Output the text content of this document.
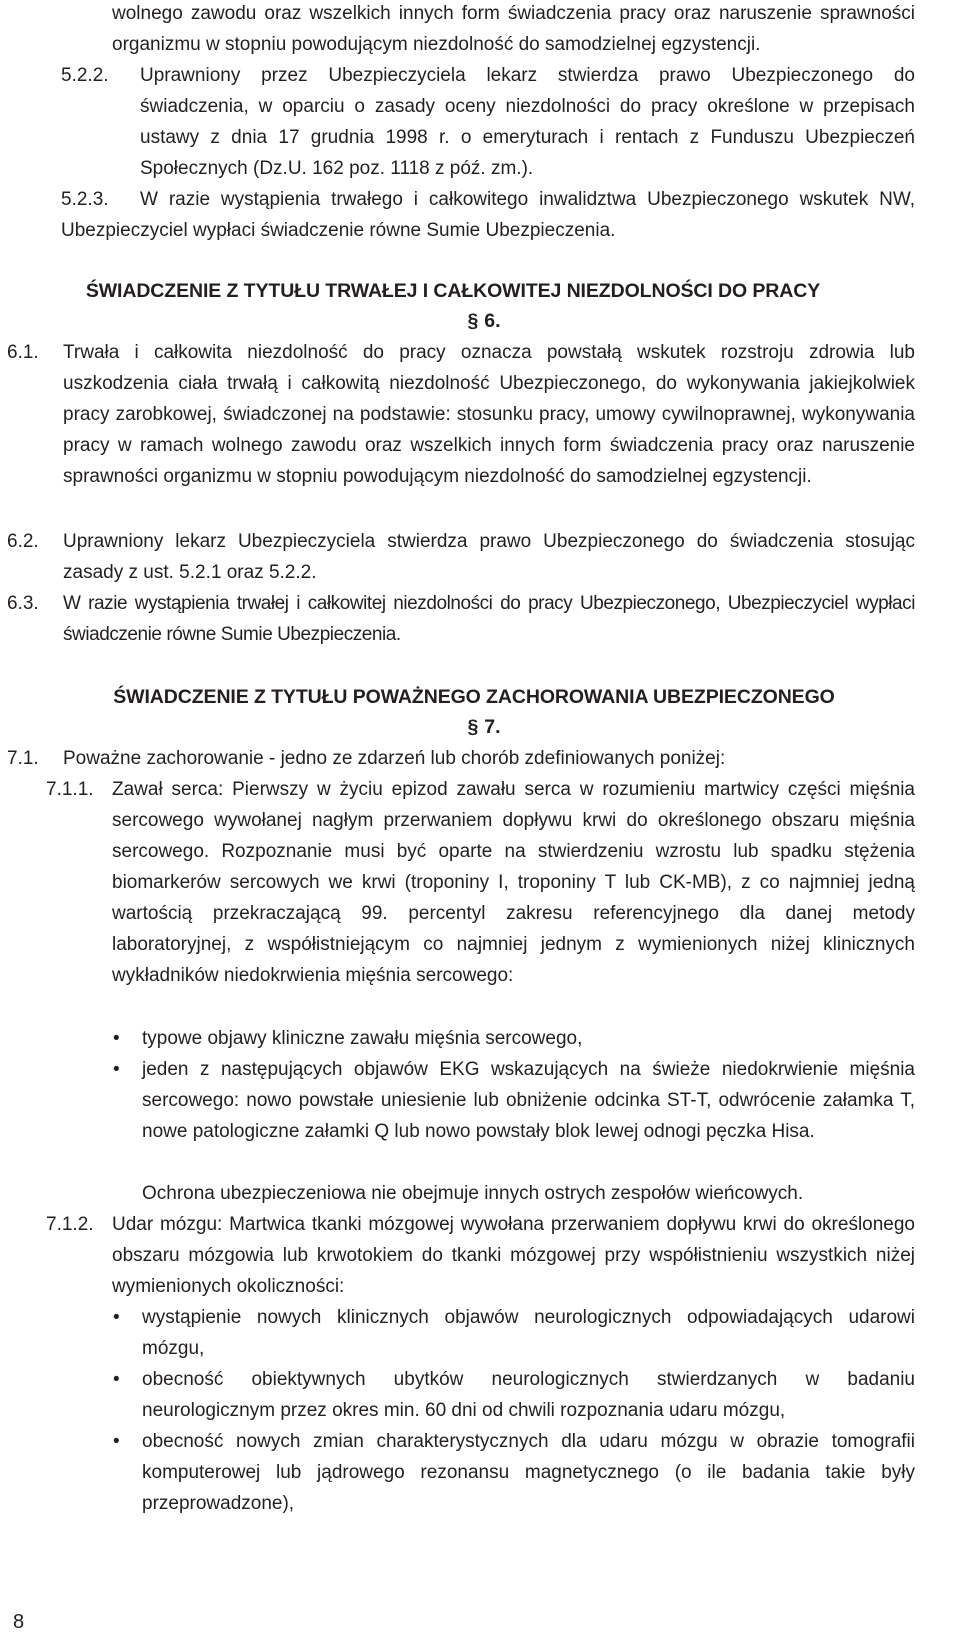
wolnego zawodu oraz wszelkich innych form świadczenia pracy oraz naruszenie sprawności organizmu w stopniu powodującym niezdolność do samodzielnej egzystencji.
5.2.2. Uprawniony przez Ubezpieczyciela lekarz stwierdza prawo Ubezpieczonego do świadczenia, w oparciu o zasady oceny niezdolności do pracy określone w przepisach ustawy z dnia 17 grudnia 1998 r. o emeryturach i rentach z Funduszu Ubezpieczeń Społecznych (Dz.U. 162 poz. 1118 z póź. zm.).
5.2.3.	W razie wystąpienia trwałego i całkowitego inwalidztwa Ubezpieczonego wskutek NW, Ubezpieczyciel wypłaci świadczenie równe Sumie Ubezpieczenia.
ŚWIADCZENIE Z TYTUŁU TRWAŁEJ I CAŁKOWITEJ NIEZDOLNOŚCI DO PRACY
§ 6.
6.1. Trwała i całkowita niezdolność do pracy oznacza powstałą wskutek rozstroju zdrowia lub uszkodzenia ciała trwałą i całkowitą niezdolność Ubezpieczonego, do wykonywania jakiejkolwiek pracy zarobkowej, świadczonej na podstawie: stosunku pracy, umowy cywilnoprawnej, wykonywania pracy w ramach wolnego zawodu oraz wszelkich innych form świadczenia pracy oraz naruszenie sprawności organizmu w stopniu powodującym niezdolność do samodzielnej egzystencji.
6.2. Uprawniony lekarz Ubezpieczyciela stwierdza prawo Ubezpieczonego do świadczenia stosując zasady z ust. 5.2.1 oraz 5.2.2.
6.3. W razie wystąpienia trwałej i całkowitej niezdolności do pracy Ubezpieczonego, Ubezpieczyciel wypłaci świadczenie równe Sumie Ubezpieczenia.
ŚWIADCZENIE Z TYTUŁU POWAŻNEGO ZACHOROWANIA UBEZPIECZONEGO
§ 7.
7.1. Poważne zachorowanie - jedno ze zdarzeń lub chorób zdefiniowanych poniżej:
7.1.1. Zawał serca: Pierwszy w życiu epizod zawału serca w rozumieniu martwicy części mięśnia sercowego wywołanej nagłym przerwaniem dopływu krwi do określonego obszaru mięśnia sercowego. Rozpoznanie musi być oparte na stwierdzeniu wzrostu lub spadku stężenia biomarkerów sercowych we krwi (troponiny I, troponiny T lub CK-MB), z co najmniej jedną wartością przekraczającą 99. percentyl zakresu referencyjnego dla danej metody laboratoryjnej, z współistniejącym co najmniej jednym z wymienionych niżej klinicznych wykładników niedokrwienia mięśnia sercowego:
• typowe objawy kliniczne zawału mięśnia sercowego,
• jeden z następujących objawów EKG wskazujących na świeże niedokrwienie mięśnia sercowego: nowo powstałe uniesienie lub obniżenie odcinka ST-T, odwrócenie załamka T, nowe patologiczne załamki Q lub nowo powstały blok lewej odnogi pęczka Hisa.
Ochrona ubezpieczeniowa nie obejmuje innych ostrych zespołów wieńcowych.
7.1.2. Udar mózgu: Martwica tkanki mózgowej wywołana przerwaniem dopływu krwi do określonego obszaru mózgowia lub krwotokiem do tkanki mózgowej przy współistnieniu wszystkich niżej wymienionych okoliczności:
• wystąpienie nowych klinicznych objawów neurologicznych odpowiadających udarowi mózgu,
• obecność obiektywnych ubytków neurologicznych stwierdzanych w badaniu neurologicznym przez okres min. 60 dni od chwili rozpoznania udaru mózgu,
• obecność nowych zmian charakterystycznych dla udaru mózgu w obrazie tomografii komputerowej lub jądrowego rezonansu magnetycznego (o ile badania takie były przeprowadzone),
8
